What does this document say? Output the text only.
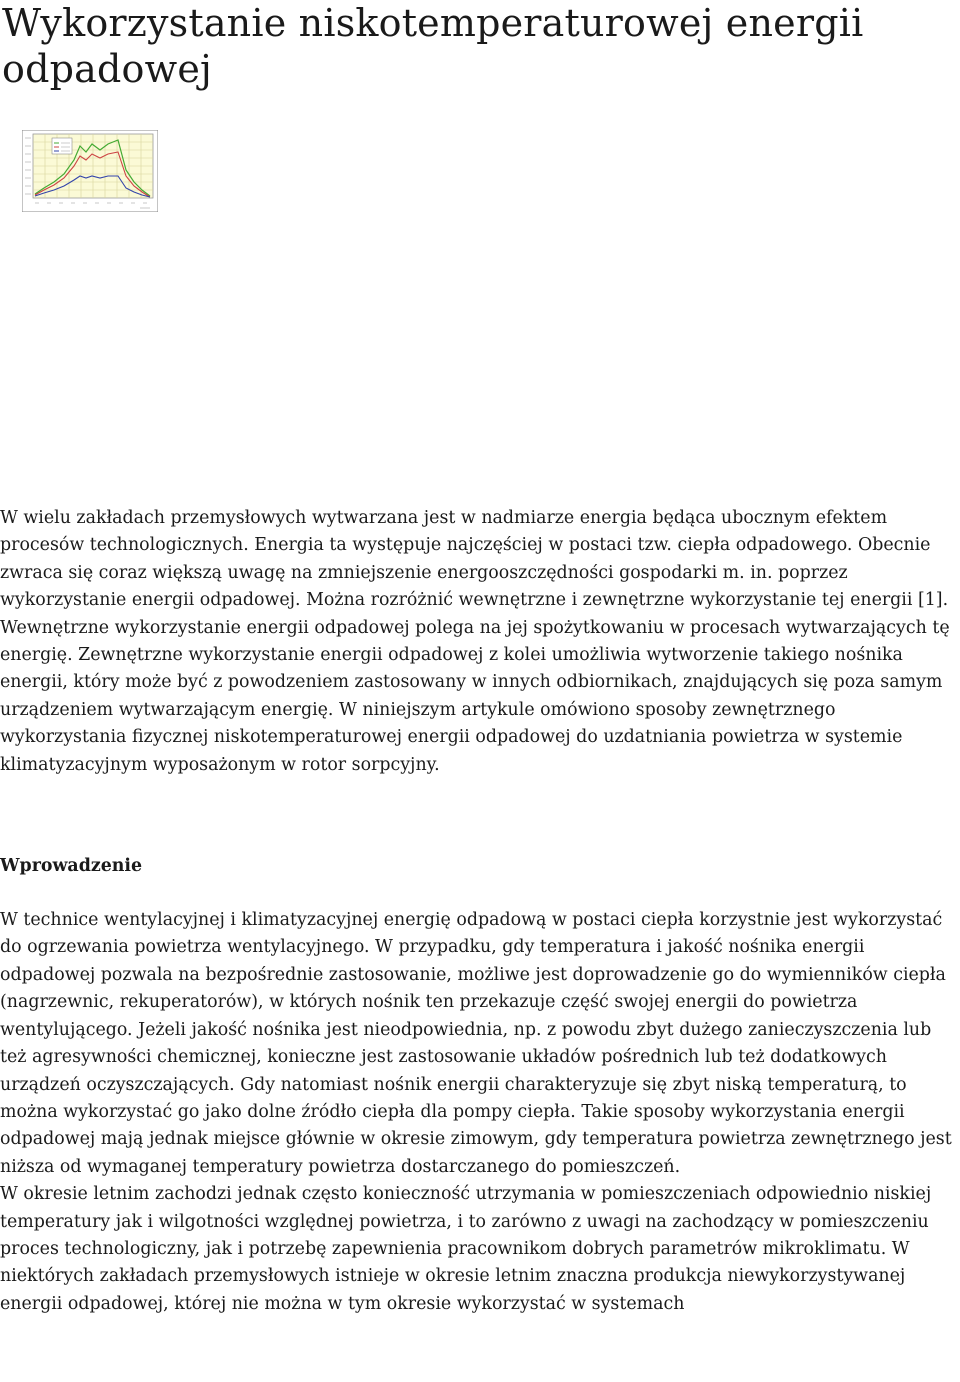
Wykorzystanie niskotemperaturowej energii odpadowej

W wielu zakładach przemysłowych wytwarzana jest w nadmiarze energia będąca ubocznym efektem procesów technologicznych. Energia ta występuje najczęściej w postaci tzw. ciepła odpadowego. Obecnie zwraca się coraz większą uwagę na zmniejszenie energooszczędności gospodarki m. in. poprzez wykorzystanie energii odpadowej. Można rozróżnić wewnętrzne i zewnętrzne wykorzystanie tej energii [1]. Wewnętrzne wykorzystanie energii odpadowej polega na jej spożytkowaniu w procesach wytwarzających tę energię. Zewnętrzne wykorzystanie energii odpadowej z kolei umożliwia wytworzenie takiego nośnika energii, który może być z powodzeniem zastosowany w innych odbiornikach, znajdujących się poza samym urządzeniem wytwarzającym energię. W niniejszym artykule omówiono sposoby zewnętrznego wykorzystania fizycznej niskotemperaturowej energii odpadowej do uzdatniania powietrza w systemie klimatyzacyjnym wyposażonym w rotor sorpcyjny.

Wprowadzenie

W technice wentylacyjnej i klimatyzacyjnej energię odpadową w postaci ciepła korzystnie jest wykorzystać do ogrzewania powietrza wentylacyjnego. W przypadku, gdy temperatura i jakość nośnika energii odpadowej pozwala na bezpośrednie zastosowanie, możliwe jest doprowadzenie go do wymienników ciepła (nagrzewnic, rekuperatorów), w których nośnik ten przekazuje część swojej energii do powietrza wentylującego. Jeżeli jakość nośnika jest nieodpowiednia, np. z powodu zbyt dużego zanieczyszczenia lub też agresywności chemicznej, konieczne jest zastosowanie układów pośrednich lub też dodatkowych urządzeń oczyszczających. Gdy natomiast nośnik energii charakteryzuje się zbyt niską temperaturą, to można wykorzystać go jako dolne źródło ciepła dla pompy ciepła. Takie sposoby wykorzystania energii odpadowej mają jednak miejsce głównie w okresie zimowym, gdy temperatura powietrza zewnętrznego jest niższa od wymaganej temperatury powietrza dostarczanego do pomieszczeń.

W okresie letnim zachodzi jednak często konieczność utrzymania w pomieszczeniach odpowiednio niskiej temperatury jak i wilgotności względnej powietrza, i to zarówno z uwagi na zachodzący w pomieszczeniu proces technologiczny, jak i potrzebę zapewnienia pracownikom dobrych parametrów mikroklimatu. W niektórych zakładach przemysłowych istnieje w okresie letnim znaczna produkcja niewykorzystywanej energii odpadowej, której nie można w tym okresie wykorzystać w systemach
